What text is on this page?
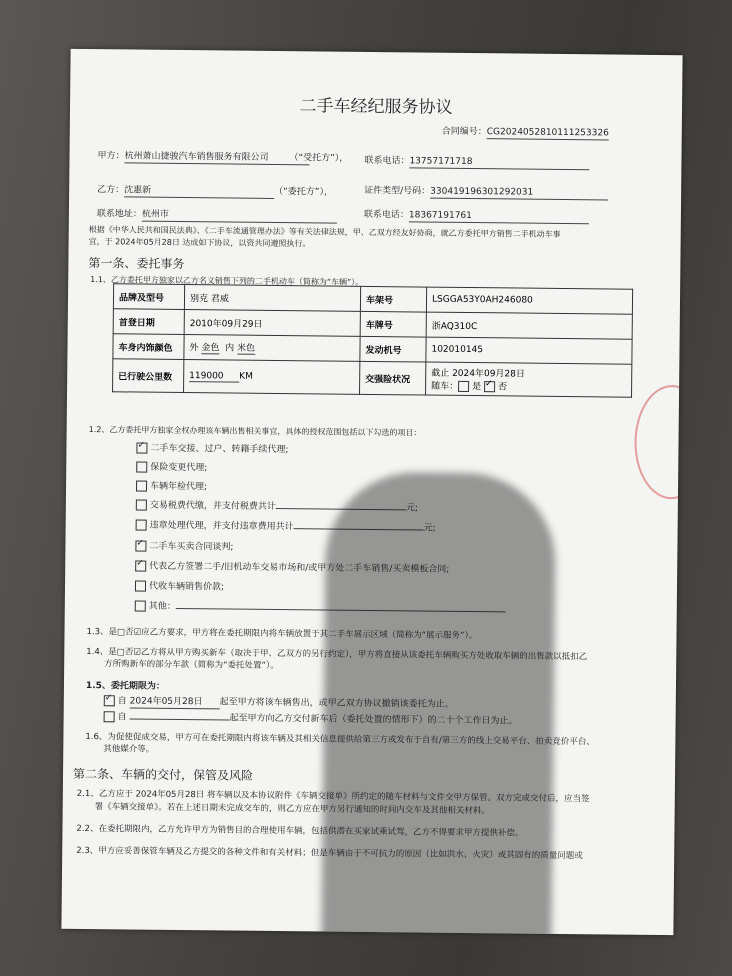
二手车经纪服务协议
合同编号：CG2024052810111253326
甲方：杭州萧山捷骏汽车销售服务有限公司	（“受托方”）， 联系电话：13757171718
乙方：沈惠新	（“委托方”），	证件类型/号码：330419196301292031
联系地址：杭州市	联系电话：18367191761
根据《中华人民共和国民法典》、《二手车流通管理办法》等有关法律法规，甲、乙双方经友好协商，就乙方委托甲方销售二手机动车事
宜，于 2024年05月28日 达成如下协议，以资共同遵照执行。
第一条、委托事务
1.1、乙方委托甲方独家以乙方名义销售下列的二手机动车（简称为“车辆”）。
品牌及型号	别克 君威	车架号	LSGGA53Y0AH246080
首登日期	2010年09月29日	车牌号	浙AQ310C
车身内饰颜色	外 金色 内 米色	发动机号	102010145
已行驶公里数	119000 KM	交强险状况	截止 2024年09月28日
随车： 是 ✓ 否
1.2、乙方委托甲方独家全权办理该车辆出售相关事宜，具体的授权范围包括以下勾选的项目：
✓二手车交接、过户、转籍手续代理;
保险变更代理;
车辆年检代理;
交易税费代缴，并支付税费共计	元;
违章处理代理，并支付违章费用共计	元;
✓二手车买卖合同谈判;
✓代表乙方签署二手/旧机动车交易市场和/或甲方处二手车销售/买卖模板合同;
代收车辆销售价款;
其他：
1.3、是□否☑应乙方要求，甲方将在委托期限内将车辆放置于其二手车展示区域（简称为“展示服务”）。
1.4、是□否☑乙方将从甲方购买新车（取决于甲、乙双方的另行约定），甲方将直接从该委托车辆购买方处收取车辆的出售款以抵扣乙
方所购新车的部分车款（简称为“委托处置”）。
1.5、委托期限为：
✓自 2024年05月28日 起至甲方将该车辆售出，或甲乙双方协议撤销该委托为止。
自	起至甲方向乙方交付新车后（委托处置的情形下）的二十个工作日为止。
1.6、为促使促成交易，甲方可在委托期限内将该车辆及其相关信息提供给第三方或发布于自有/第三方的线上交易平台、拍卖竞价平台、
其他媒介等。
第二条、车辆的交付，保管及风险
2.1、乙方应于 2024年05月28日 将车辆以及本协议附件《车辆交接单》所约定的随车材料与文件交甲方保管。双方完成交付后，应当签
署《车辆交接单》。若在上述日期未完成交车的，则乙方应在甲方另行通知的时间内交车及其他相关材料。
2.2、在委托期限内，乙方允许甲方为销售目的合理使用车辆，包括供潜在买家试乘试驾，乙方不得要求甲方提供补偿。
2.3、甲方应妥善保管车辆及乙方提交的各种文件和有关材料；但是车辆由于不可抗力的原因（比如洪水、火灾）或其固有的质量问题或
